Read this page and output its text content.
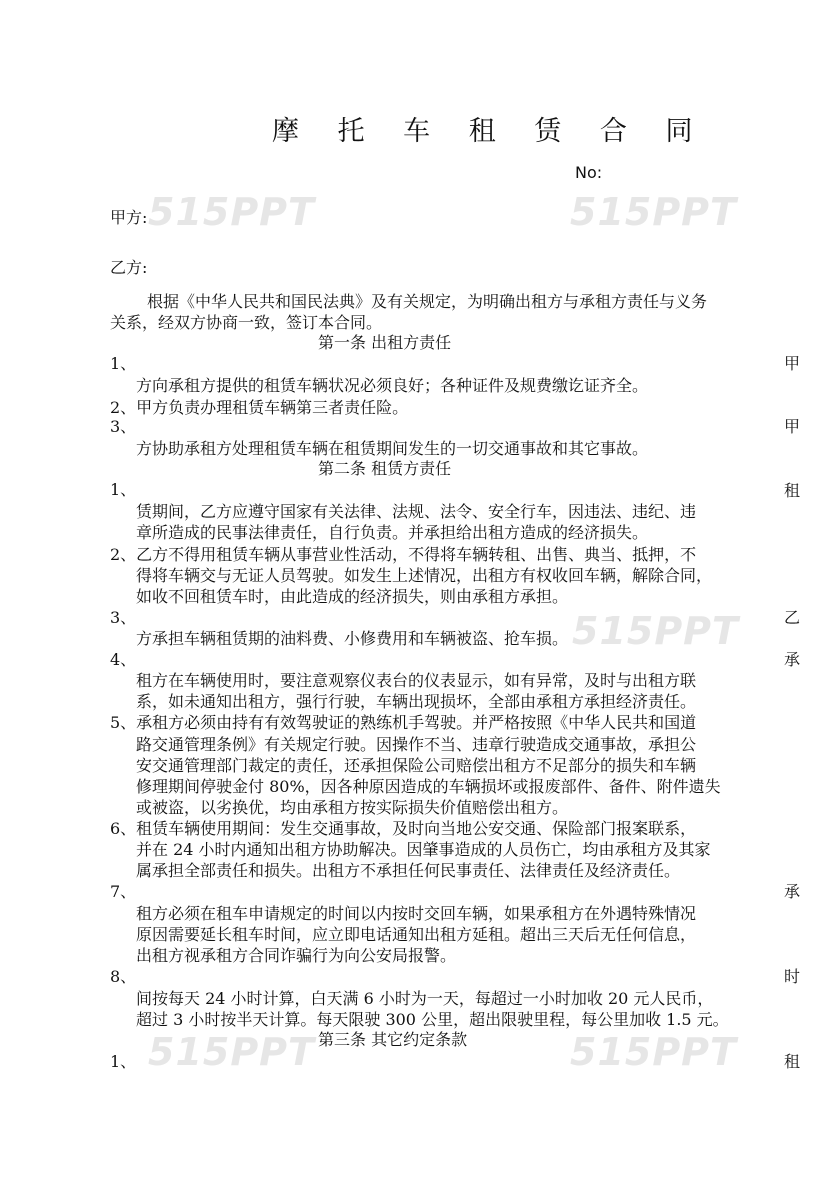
515PPT	515PPT
515PPT
515PPT	515PPT
摩 托 车 租 赁 合 同
No:
甲方:
乙方:
根据《中华人民共和国民法典》及有关规定，为明确出租方与承租方责任与义务
关系，经双方协商一致，签订本合同。
第一条 出租方责任
1、
方向承租方提供的租赁车辆状况必须良好；各种证件及规费缴讫证齐全。
2、甲方负责办理租赁车辆第三者责任险。
3、
方协助承租方处理租赁车辆在租赁期间发生的一切交通事故和其它事故。
第二条 租赁方责任
1、
赁期间，乙方应遵守国家有关法律、法规、法令、安全行车，因违法、违纪、违
章所造成的民事法律责任，自行负责。并承担给出租方造成的经济损失。
2、乙方不得用租赁车辆从事营业性活动，不得将车辆转租、出售、典当、抵押，不
得将车辆交与无证人员驾驶。如发生上述情况，出租方有权收回车辆，解除合同，
如收不回租赁车时，由此造成的经济损失，则由承租方承担。
3、
方承担车辆租赁期的油料费、小修费用和车辆被盗、抢车损。
4、
租方在车辆使用时，要注意观察仪表台的仪表显示，如有异常，及时与出租方联
系，如未通知出租方，强行行驶，车辆出现损坏，全部由承租方承担经济责任。
5、承租方必须由持有有效驾驶证的熟练机手驾驶。并严格按照《中华人民共和国道
路交通管理条例》有关规定行驶。因操作不当、违章行驶造成交通事故，承担公
安交通管理部门裁定的责任，还承担保险公司赔偿出租方不足部分的损失和车辆
修理期间停驶金付 80%，因各种原因造成的车辆损坏或报废部件、备件、附件遗失
或被盗，以劣换优，均由承租方按实际损失价值赔偿出租方。
6、租赁车辆使用期间：发生交通事故，及时向当地公安交通、保险部门报案联系，
并在 24 小时内通知出租方协助解决。因肇事造成的人员伤亡，均由承租方及其家
属承担全部责任和损失。出租方不承担任何民事责任、法律责任及经济责任。
7、
租方必须在租车申请规定的时间以内按时交回车辆，如果承租方在外遇特殊情况
原因需要延长租车时间，应立即电话通知出租方延租。超出三天后无任何信息，
出租方视承租方合同诈骗行为向公安局报警。
8、
间按每天 24 小时计算，白天满 6 小时为一天，每超过一小时加收 20 元人民币，
超过 3 小时按半天计算。每天限驶 300 公里，超出限驶里程，每公里加收 1.5 元。
第三条 其它约定条款
1、
甲
甲
租
乙
承
承
时
租
